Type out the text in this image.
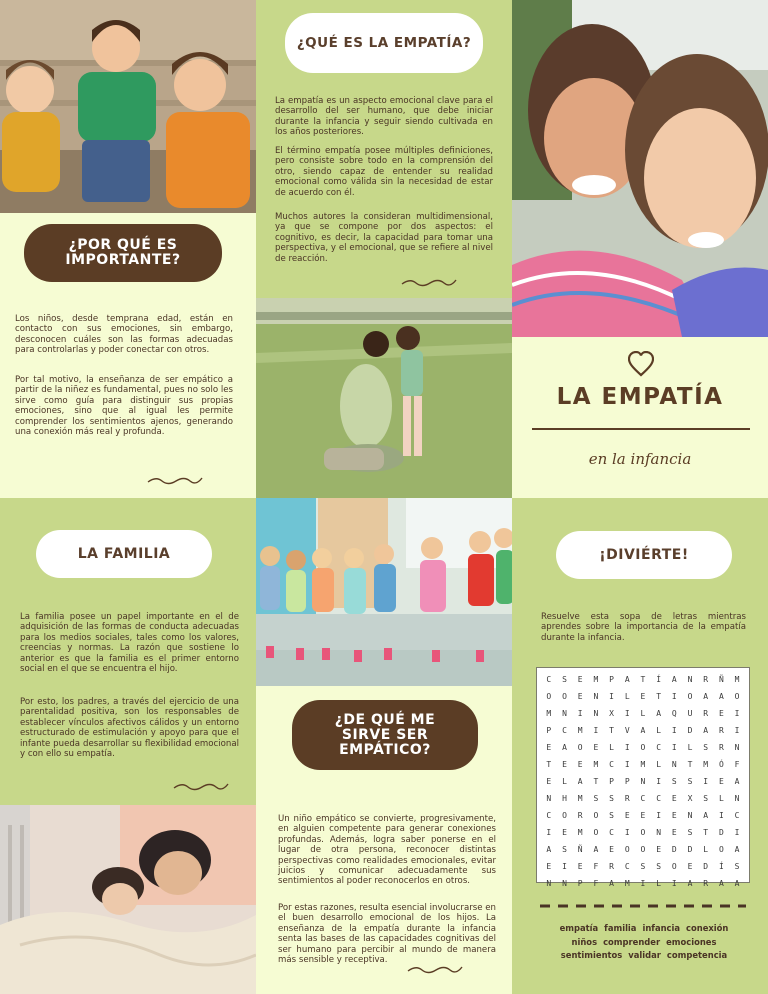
¿POR QUÉ ES IMPORTANTE?

Los niños, desde temprana edad, están en contacto con sus emociones, sin embargo, desconocen cuáles son las formas adecuadas para controlarlas y poder conectar con otros.

Por tal motivo, la enseñanza de ser empático a partir de la niñez es fundamental, pues no solo les sirve como guía para distinguir sus propias emociones, sino que al igual les permite comprender los sentimientos ajenos, generando una conexión más real y profunda.

LA FAMILIA

La familia posee un papel importante en el de adquisición de las formas de conducta adecuadas para los medios sociales, tales como los valores, creencias y normas. La razón que sostiene lo anterior es que la familia es el primer entorno social en el que se encuentra el hijo.

Por esto, los padres, a través del ejercicio de una parentalidad positiva, son los responsables de establecer vínculos afectivos cálidos y un entorno estructurado de estimulación y apoyo para que el infante pueda desarrollar su flexibilidad emocional y con ello su empatía.

¿QUÉ ES LA EMPATÍA?

La empatía es un aspecto emocional clave para el desarrollo del ser humano, que debe iniciar durante la infancia y seguir siendo cultivada en los años posteriores.

El término empatía posee múltiples definiciones, pero consiste sobre todo en la comprensión del otro, siendo capaz de entender su realidad emocional como válida sin la necesidad de estar de acuerdo con él.

Muchos autores la consideran multidimensional, ya que se compone por dos aspectos: el cognitivo, es decir, la capacidad para tomar una perspectiva, y el emocional, que se refiere al nivel de reacción.

¿DE QUÉ ME SIRVE SER EMPÁTICO?

Un niño empático se convierte, progresivamente, en alguien competente para generar conexiones profundas. Además, logra saber ponerse en el lugar de otra persona, reconocer distintas perspectivas como realidades emocionales, evitar juicios y comunicar adecuadamente sus sentimientos al poder reconocerlos en otros.

Por estas razones, resulta esencial involucrarse en el buen desarrollo emocional de los hijos. La enseñanza de la empatía durante la infancia senta las bases de las capacidades cognitivas del ser humano para percibir al mundo de manera más sensible y receptiva.

LA EMPATÍA
en la infancia
¡DIVIÉRTE!

Resuelve esta sopa de letras mientras aprendes sobre la importancia de la empatía durante la infancia.

C	S	E	M	P	A	T	Í	A	N	R	Ñ	M
O	O	E	N	I	L	E	T	I	O	A	A	O
M	N	I	N	X	I	L	A	Q	U	R	E	I
P	C	M	I	T	V	A	L	I	D	A	R	I
E	A	O	E	L	I	O	C	I	L	S	R	N
T	E	E	M	C	I	M	L	N	T	M	Ó	F
E	L	A	T	P	P	N	I	S	S	I	E	A
N	H	M	S	S	R	C	C	E	X	S	L	N
C	O	R	O	S	E	E	I	E	N	A	I	C
I	E	M	O	C	I	O	N	E	S	T	D	I
A	S	Ñ	A	E	O	O	E	D	D	L	O	A
E	I	E	F	R	C	S	S	O	E	D	Í	S
N	N	P	F	A	M	I	L	I	A	R	A	A
empatía familia infancia conexión
niños comprender emociones
sentimientos validar competencia
